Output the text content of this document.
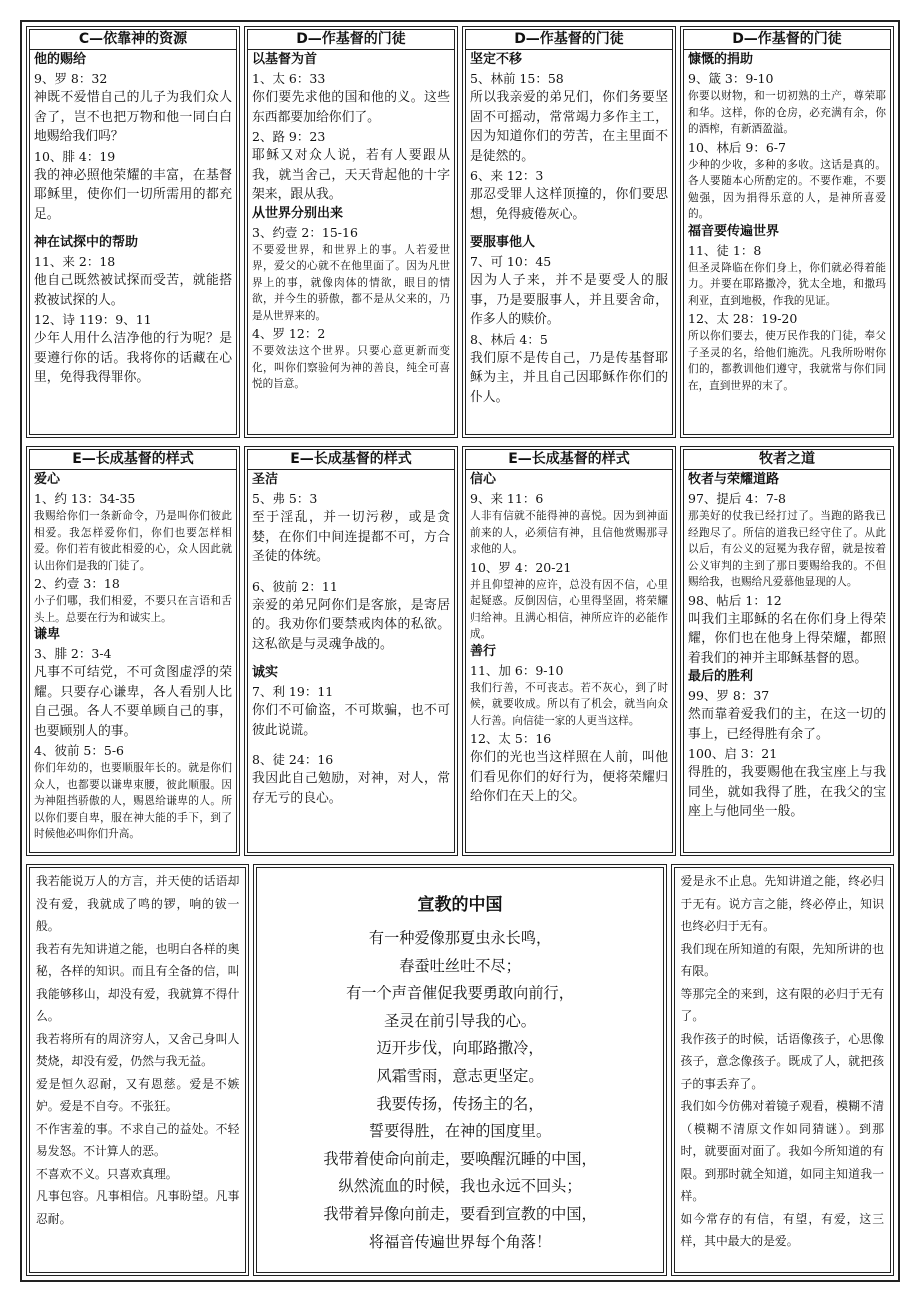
C—依靠神的资源
他的赐给
9、罗 8：32
神既不爱惜自己的儿子为我们众人舍了，岂不也把万物和他一同白白地赐给我们吗？
10、腓 4：19
我的神必照他荣耀的丰富，在基督耶稣里，使你们一切所需用的都充足。
神在试探中的帮助
11、来 2：18
他自己既然被试探而受苦，就能搭救被试探的人。
12、诗 119：9、11
少年人用什么洁净他的行为呢？是要遵行你的话。我将你的话藏在心里，免得我得罪你。
D—作基督的门徒
以基督为首
1、太 6：33
你们要先求他的国和他的义。这些东西都要加给你们了。
2、路 9：23
耶稣又对众人说，若有人要跟从我，就当舍己，天天背起他的十字架来，跟从我。
从世界分别出来
3、约壹 2：15-16
不要爱世界，和世界上的事。人若爱世界，爱父的心就不在他里面了。因为凡世界上的事，就像肉体的情欲，眼目的情欲，并今生的骄傲，都不是从父来的，乃是从世界来的。
4、罗 12：2
不要效法这个世界。只要心意更新而变化，叫你们察验何为神的善良，纯全可喜悦的旨意。
D—作基督的门徒
坚定不移
5、林前 15：58
所以我亲爱的弟兄们，你们务要坚固不可摇动，常常竭力多作主工，因为知道你们的劳苦，在主里面不是徒然的。
6、来 12：3
那忍受罪人这样顶撞的，你们要思想，免得疲倦灰心。
要服事他人
7、可 10：45
因为人子来，并不是要受人的服事，乃是要服事人，并且要舍命，作多人的赎价。
8、林后 4：5
我们原不是传自己，乃是传基督耶稣为主，并且自己因耶稣作你们的仆人。
D—作基督的门徒
慷慨的捐助
9、箴 3：9-10
你要以财物，和一切初熟的土产，尊荣耶和华。这样，你的仓房，必充满有余，你的酒榨，有新酒盈溢。
10、林后 9：6-7
少种的少收，多种的多收。这话是真的。各人要随本心所酌定的。不要作难，不要勉强，因为捐得乐意的人，是神所喜爱的。
福音要传遍世界
11、徒 1：8
但圣灵降临在你们身上，你们就必得着能力。并要在耶路撒冷，犹太全地，和撒玛利亚，直到地极，作我的见证。
12、太 28：19-20
所以你们要去，使万民作我的门徒，奉父子圣灵的名，给他们施洗。凡我所吩咐你们的，都教训他们遵守，我就常与你们同在，直到世界的末了。
E—长成基督的样式
爱心
1、约 13：34-35
我赐给你们一条新命令，乃是叫你们彼此相爱。我怎样爱你们，你们也要怎样相爱。你们若有彼此相爱的心，众人因此就认出你们是我的门徒了。
2、约壹 3：18
小子们哪，我们相爱，不要只在言语和舌头上。总要在行为和诚实上。
谦卑
3、腓 2：3-4
凡事不可结党，不可贪图虚浮的荣耀。只要存心谦卑，各人看别人比自己强。各人不要单顾自己的事，也要顾别人的事。
4、彼前 5：5-6
你们年幼的，也要顺服年长的。就是你们众人，也都要以谦卑束腰，彼此顺服。因为神阻挡骄傲的人，赐恩给谦卑的人。所以你们要自卑，服在神大能的手下，到了时候他必叫你们升高。
E—长成基督的样式
圣洁
5、弗 5：3
至于淫乱，并一切污秽，或是贪婪，在你们中间连提都不可，方合圣徒的体统。
6、彼前 2：11
亲爱的弟兄阿你们是客旅，是寄居的。我劝你们要禁戒肉体的私欲。这私欲是与灵魂争战的。
诚实
7、利 19：11
你们不可偷盗，不可欺骗，也不可彼此说谎。
8、徒 24：16
我因此自己勉励，对神，对人，常存无亏的良心。
E—长成基督的样式
信心
9、来 11：6
人非有信就不能得神的喜悦。因为到神面前来的人，必须信有神，且信他赏赐那寻求他的人。
10、罗 4：20-21
并且仰望神的应许，总没有因不信，心里起疑惑。反倒因信，心里得坚固，将荣耀归给神。且满心相信，神所应许的必能作成。
善行
11、加 6：9-10
我们行善，不可丧志。若不灰心，到了时候，就要收成。所以有了机会，就当向众人行善。向信徒一家的人更当这样。
12、太 5：16
你们的光也当这样照在人前，叫他们看见你们的好行为，便将荣耀归给你们在天上的父。
牧者之道
牧者与荣耀道路
97、提后 4：7-8
那美好的仗我已经打过了。当跑的路我已经跑尽了。所信的道我已经守住了。从此以后，有公义的冠冕为我存留，就是按着公义审判的主到了那日要赐给我的。不但赐给我，也赐给凡爱慕他显现的人。
98、帖后 1：12
叫我们主耶稣的名在你们身上得荣耀，你们也在他身上得荣耀，都照着我们的神并主耶稣基督的恩。
最后的胜利
99、罗 8：37
然而靠着爱我们的主，在这一切的事上，已经得胜有余了。
100、启 3：21
得胜的，我要赐他在我宝座上与我同坐，就如我得了胜，在我父的宝座上与他同坐一般。

我若能说万人的方言，并天使的话语却没有爱，我就成了鸣的锣，响的钹一般。

我若有先知讲道之能，也明白各样的奥秘，各样的知识。而且有全备的信，叫我能够移山，却没有爱，我就算不得什么。

我若将所有的周济穷人，又舍己身叫人焚烧，却没有爱，仍然与我无益。

爱是恒久忍耐，又有恩慈。爱是不嫉妒。爱是不自夸。不张狂。

不作害羞的事。不求自己的益处。不轻易发怒。不计算人的恶。

不喜欢不义。只喜欢真理。

凡事包容。凡事相信。凡事盼望。凡事忍耐。

宣教的中国
有一种爱像那夏虫永长鸣，
春蚕吐丝吐不尽；
有一个声音催促我要勇敢向前行，
圣灵在前引导我的心。
迈开步伐，向耶路撒冷，
风霜雪雨，意志更坚定。
我要传扬，传扬主的名，
誓要得胜，在神的国度里。
我带着使命向前走，要唤醒沉睡的中国，
纵然流血的时候，我也永远不回头；
我带着异像向前走，要看到宣教的中国，
将福音传遍世界每个角落！

爱是永不止息。先知讲道之能，终必归于无有。说方言之能，终必停止，知识也终必归于无有。

我们现在所知道的有限，先知所讲的也有限。

等那完全的来到，这有限的必归于无有了。

我作孩子的时候，话语像孩子，心思像孩子，意念像孩子。既成了人，就把孩子的事丢弃了。

我们如今仿佛对着镜子观看，模糊不清（模糊不清原文作如同猜谜）。到那时，就要面对面了。我如今所知道的有限。到那时就全知道，如同主知道我一样。

如今常存的有信，有望，有爱，这三样，其中最大的是爱。
